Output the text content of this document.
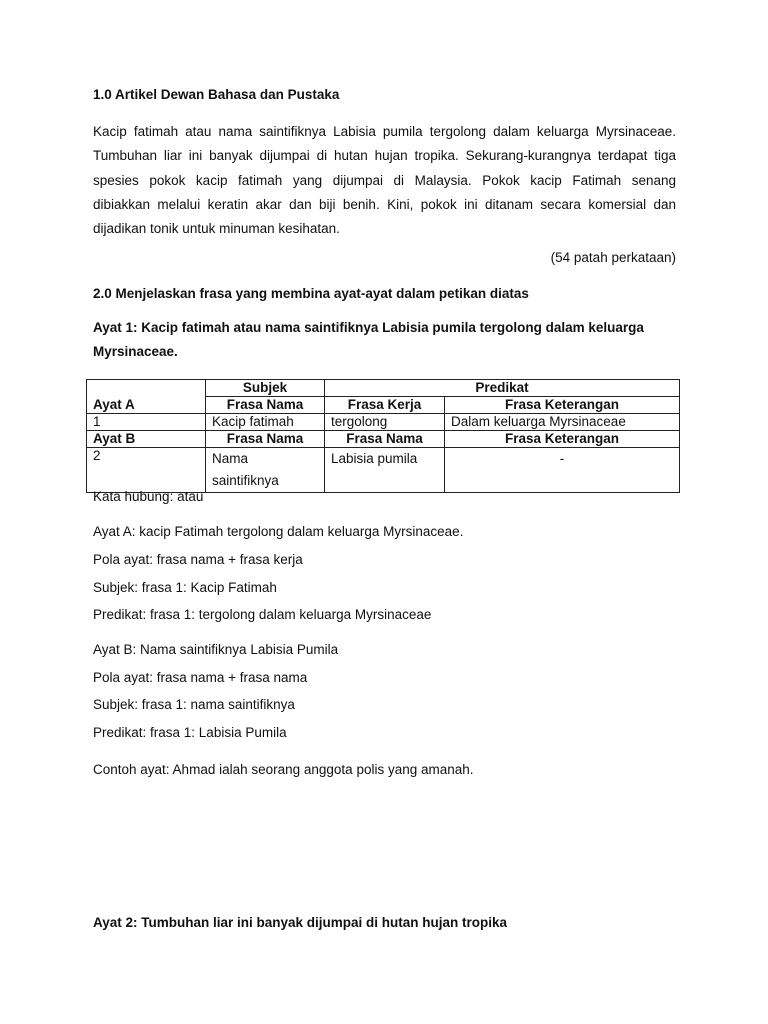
1.0 Artikel Dewan Bahasa dan Pustaka
Kacip fatimah atau nama saintifiknya Labisia pumila tergolong dalam keluarga Myrsinaceae.
Tumbuhan liar ini banyak dijumpai di hutan hujan tropika. Sekurang-kurangnya terdapat tiga
spesies pokok kacip fatimah yang dijumpai di Malaysia. Pokok kacip Fatimah senang
dibiakkan melalui keratin akar dan biji benih. Kini, pokok ini ditanam secara komersial dan
dijadikan tonik untuk minuman kesihatan.
(54 patah perkataan)
2.0 Menjelaskan frasa yang membina ayat-ayat dalam petikan diatas
Ayat 1: Kacip fatimah atau nama saintifiknya Labisia pumila tergolong dalam keluarga
Myrsinaceae.
Ayat A	Subjek	Predikat	
	Frasa Nama	Frasa Kerja	Frasa Keterangan
1	Kacip fatimah	tergolong	Dalam keluarga Myrsinaceae
Ayat B	Frasa Nama	Frasa Nama	Frasa Keterangan
2	Nama
saintifiknya	Labisia pumila	-
Kata hubung: atau
Ayat A: kacip Fatimah tergolong dalam keluarga Myrsinaceae.
Pola ayat: frasa nama + frasa kerja
Subjek: frasa 1: Kacip Fatimah
Predikat: frasa 1: tergolong dalam keluarga Myrsinaceae
Ayat B: Nama saintifiknya Labisia Pumila
Pola ayat: frasa nama + frasa nama
Subjek: frasa 1: nama saintifiknya
Predikat: frasa 1: Labisia Pumila
Contoh ayat: Ahmad ialah seorang anggota polis yang amanah.
Ayat 2: Tumbuhan liar ini banyak dijumpai di hutan hujan tropika
